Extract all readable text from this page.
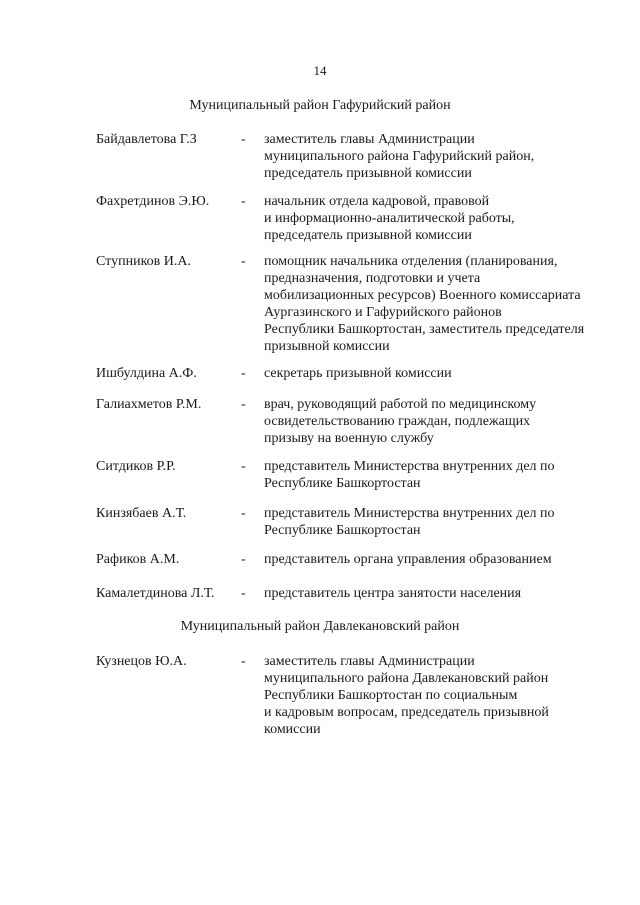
14
Муниципальный район Гафурийский район
Байдавлетова Г.З	- заместитель главы Администрации
муниципального района Гафурийский район,
председатель призывной комиссии
Фахретдинов Э.Ю. - начальник отдела кадровой, правовой
и информационно-аналитической работы,
председатель призывной комиссии
Ступников И.А.	- помощник начальника отделения (планирования,
предназначения, подготовки и учета
мобилизационных ресурсов) Военного комиссариата
Аургазинского и Гафурийского районов
Республики Башкортостан, заместитель председателя
призывной комиссии
Ишбулдина А.Ф.	- секретарь призывной комиссии
Галиахметов Р.М.	- врач, руководящий работой по медицинскому
освидетельствованию граждан, подлежащих
призыву на военную службу
Ситдиков Р.Р.	- представитель Министерства внутренних дел по
Республике Башкортостан
Кинзябаев А.Т.	- представитель Министерства внутренних дел по
Республике Башкортостан
Рафиков А.М.	- представитель органа управления образованием
Камалетдинова Л.Т. - представитель центра занятости населения
Муниципальный район Давлекановский район
Кузнецов Ю.А.	- заместитель главы Администрации
муниципального района Давлекановский район
Республики Башкортостан по социальным
и кадровым вопросам, председатель призывной
комиссии
